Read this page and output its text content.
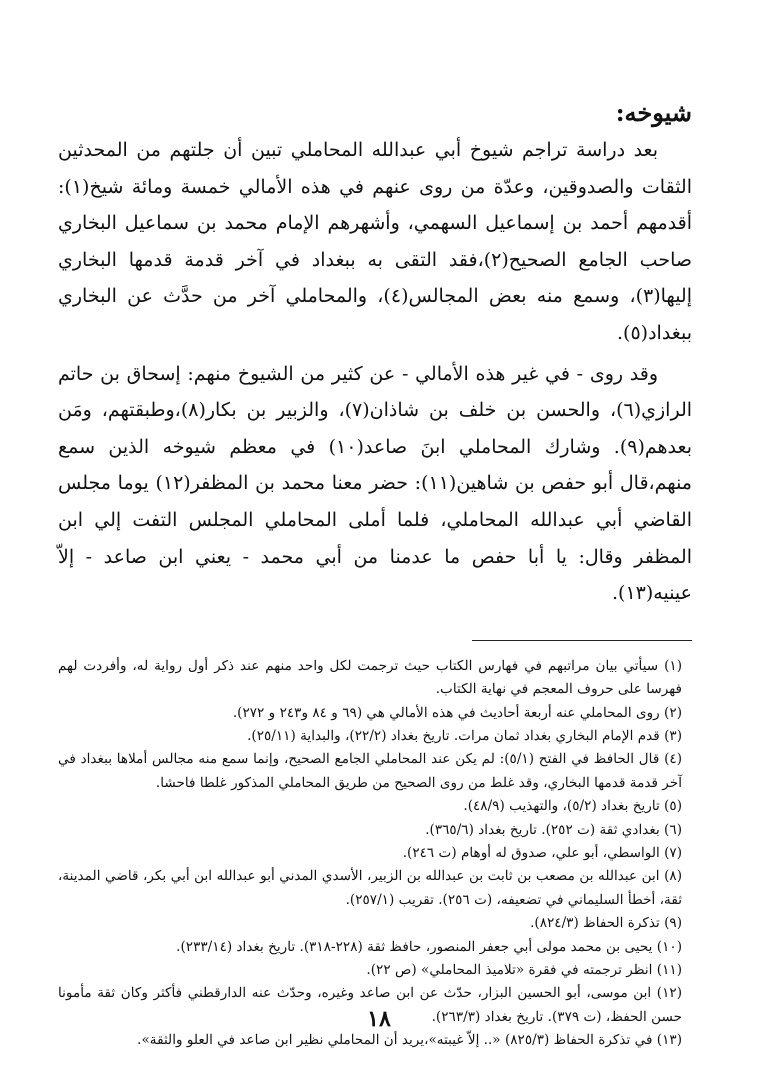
شيوخه:

بعد دراسة تراجم شيوخ أبي عبدالله المحاملي تبين أن جلتهم من المحدثين الثقات والصدوقين، وعدّة من روى عنهم في هذه الأمالي خمسة ومائة شيخ(١): أقدمهم أحمد بن إسماعيل السهمي، وأشهرهم الإمام محمد بن سماعيل البخاري صاحب الجامع الصحيح(٢)،فقد التقى به ببغداد في آخر قدمة قدمها البخاري إليها(٣)، وسمع منه بعض المجالس(٤)، والمحاملي آخر من حدَّث عن البخاري ببغداد(٥).

وقد روى - في غير هذه الأمالي - عن كثير من الشيوخ منهم: إسحاق بن حاتم الرازي(٦)، والحسن بن خلف بن شاذان(٧)، والزبير بن بكار(٨)،وطبقتهم، ومَن بعدهم(٩). وشارك المحاملي ابنَ صاعد(١٠) في معظم شيوخه الذين سمع منهم،قال أبو حفص بن شاهين(١١): حضر معنا محمد بن المظفر(١٢) يوما مجلس القاضي أبي عبدالله المحاملي، فلما أملى المحاملي المجلس التفت إلي ابن المظفر وقال: يا أبا حفص ما عدمنا من أبي محمد - يعني ابن صاعد - إلاّ عينيه(١٣).

(١) سيأتي بيان مراتبهم في فهارس الكتاب حيث ترجمت لكل واحد منهم عند ذكر أول رواية له، وأفردت لهم فهرسا على حروف المعجم في نهاية الكتاب.

(٢) روى المحاملي عنه أربعة أحاديث في هذه الأمالي هي (٦٩ و ٨٤ و٢٤٣ و ٢٧٢).

(٣) قدم الإمام البخاري بغداد ثمان مرات. تاريخ بغداد (٢٢/٢)، والبداية (٢٥/١١).

(٤) قال الحافظ في الفتح (٥/١): لم يكن عند المحاملي الجامع الصحيح، وإنما سمع منه مجالس أملاها ببغداد في آخر قدمة قدمها البخاري، وقد غلط من روى الصحيح من طريق المحاملي المذكور غلطا فاحشا.

(٥) تاريخ بغداد (٥/٢)، والتهذيب (٤٨/٩).

(٦) بغدادي ثقة (ت ٢٥٢). تاريخ بغداد (٣٦٥/٦).

(٧) الواسطي، أبو علي، صدوق له أوهام (ت ٢٤٦).

(٨) ابن عبدالله بن مصعب بن ثابت بن عبدالله بن الزبير، الأسدي المدني أبو عبدالله ابن أبي بكر، قاضي المدينة، ثقة، أخطأ السليماني في تضعيفه، (ت ٢٥٦). تقريب (٢٥٧/١).

(٩) تذكرة الحفاظ (٨٢٤/٣).

(١٠) يحيى بن محمد مولى أبي جعفر المنصور، حافظ ثقة (٢٢٨-٣١٨). تاريخ بغداد (٢٣٣/١٤).

(١١) انظر ترجمته في فقرة «تلاميذ المحاملي» (ص ٢٢).

(١٢) ابن موسى، أبو الحسين البزار، حدّث عن ابن صاعد وغيره، وحدّث عنه الدارقطني فأكثر وكان ثقة مأمونا حسن الحفظ، (ت ٣٧٩). تاريخ بغداد (٢٦٣/٣).

(١٣) في تذكرة الحفاظ (٨٢٥/٣) «.. إلاّ غيبته»،يريد أن المحاملي نظير ابن صاعد في العلو والثقة».

١٨
